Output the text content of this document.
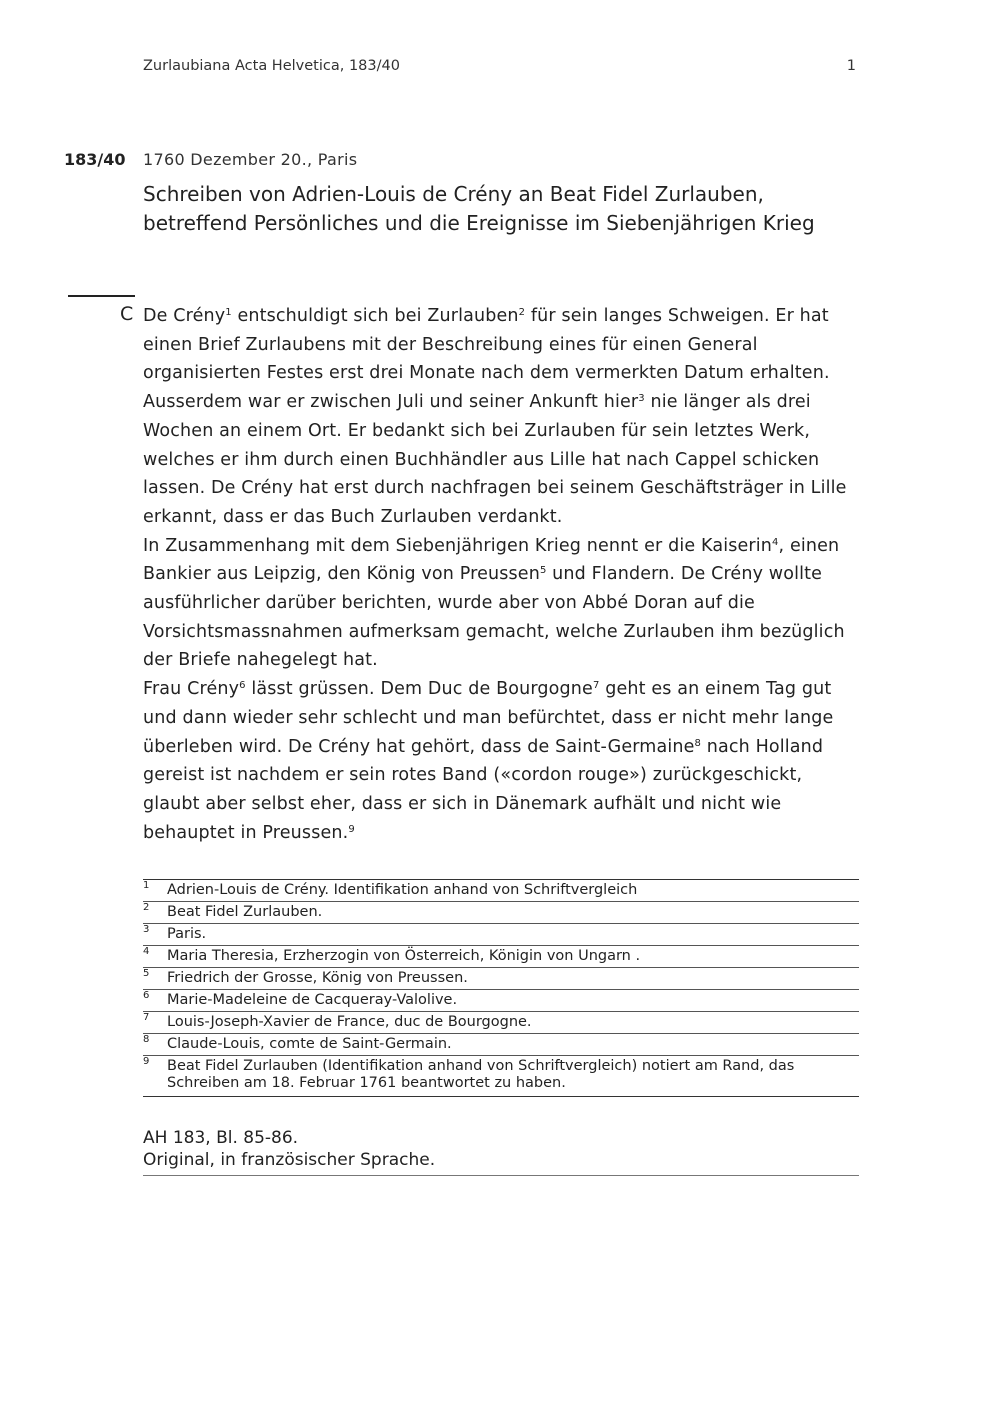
Zurlaubiana Acta Helvetica, 183/40	1
183/40 1760 Dezember 20., Paris
Schreiben von Adrien-Louis de Crény an Beat Fidel Zurlauben, betreffend Persönliches und die Ereignisse im Siebenjährigen Krieg
C De Crény$^1$ entschuldigt sich bei Zurlauben$^2$ für sein langes Schweigen. Er hat einen Brief Zurlaubens mit der Beschreibung eines für einen General organisierten Festes erst drei Monate nach dem vermerkten Datum erhalten. Ausserdem war er zwischen Juli und seiner Ankunft hier$^3$ nie länger als drei Wochen an einem Ort. Er bedankt sich bei Zurlauben für sein letztes Werk, welches er ihm durch einen Buchhändler aus Lille hat nach Cappel schicken lassen. De Crény hat erst durch nachfragen bei seinem Geschäftsträger in Lille erkannt, dass er das Buch Zurlauben verdankt.

In Zusammenhang mit dem Siebenjährigen Krieg nennt er die Kaiserin$^4$, einen Bankier aus Leipzig, den König von Preussen$^5$ und Flandern. De Crény wollte ausführlicher darüber berichten, wurde aber von Abbé Doran auf die Vorsichtsmassnahmen aufmerksam gemacht, welche Zurlauben ihm bezüglich der Briefe nahegelegt hat.

Frau Crény$^6$ lässt grüssen. Dem Duc de Bourgogne$^7$ geht es an einem Tag gut und dann wieder sehr schlecht und man befürchtet, dass er nicht mehr lange überleben wird. De Crény hat gehört, dass de Saint-Germaine$^8$ nach Holland gereist ist nachdem er sein rotes Band («cordon rouge») zurückgeschickt, glaubt aber selbst eher, dass er sich in Dänemark aufhält und nicht wie behauptet in Preussen.$^9$

1 Adrien-Louis de Crény. Identifikation anhand von Schriftvergleich
2 Beat Fidel Zurlauben.
3 Paris.
4 Maria Theresia, Erzherzogin von Österreich, Königin von Ungarn .
5 Friedrich der Grosse, König von Preussen.
6 Marie-Madeleine de Cacqueray-Valolive.
7 Louis-Joseph-Xavier de France, duc de Bourgogne.
8 Claude-Louis, comte de Saint-Germain.
9 Beat Fidel Zurlauben (Identifikation anhand von Schriftvergleich) notiert am Rand, das Schreiben am 18. Februar 1761 beantwortet zu haben.
AH 183, Bl. 85-86.
Original, in französischer Sprache.
